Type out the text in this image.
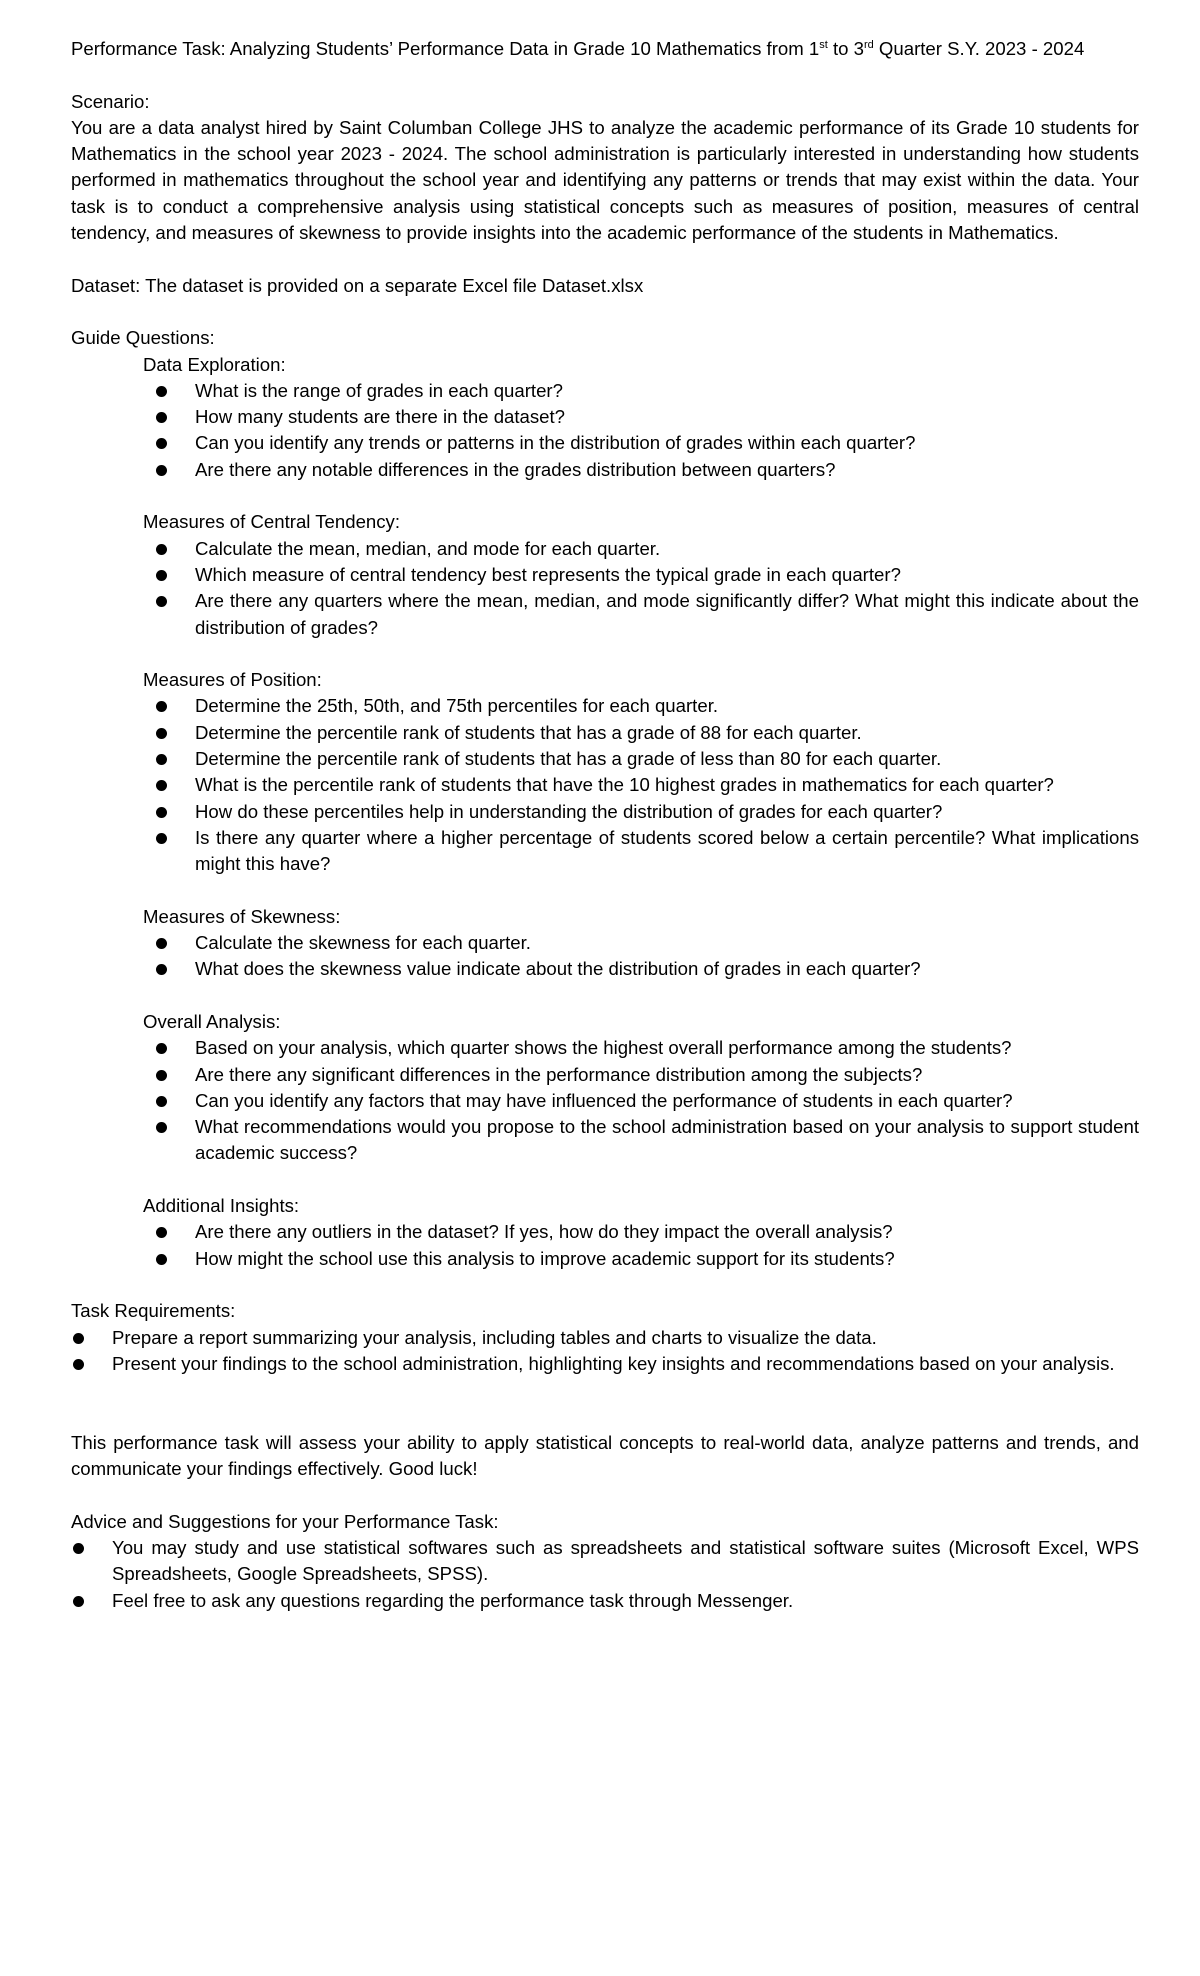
Performance Task: Analyzing Students’ Performance Data in Grade 10 Mathematics from 1st to 3rd Quarter S.Y. 2023 - 2024

Scenario:

You are a data analyst hired by Saint Columban College JHS to analyze the academic performance of its Grade 10 students for Mathematics in the school year 2023 - 2024. The school administration is particularly interested in understanding how students performed in mathematics throughout the school year and identifying any patterns or trends that may exist within the data. Your task is to conduct a comprehensive analysis using statistical concepts such as measures of position, measures of central tendency, and measures of skewness to provide insights into the academic performance of the students in Mathematics.

Dataset: The dataset is provided on a separate Excel file Dataset.xlsx

Guide Questions:

Data Exploration:

What is the range of grades in each quarter?
How many students are there in the dataset?
Can you identify any trends or patterns in the distribution of grades within each quarter?
Are there any notable differences in the grades distribution between quarters?

Measures of Central Tendency:

Calculate the mean, median, and mode for each quarter.
Which measure of central tendency best represents the typical grade in each quarter?
Are there any quarters where the mean, median, and mode significantly differ? What might this indicate about the distribution of grades?

Measures of Position:

Determine the 25th, 50th, and 75th percentiles for each quarter.
Determine the percentile rank of students that has a grade of 88 for each quarter.
Determine the percentile rank of students that has a grade of less than 80 for each quarter.
What is the percentile rank of students that have the 10 highest grades in mathematics for each quarter?
How do these percentiles help in understanding the distribution of grades for each quarter?
Is there any quarter where a higher percentage of students scored below a certain percentile? What implications might this have?

Measures of Skewness:

Calculate the skewness for each quarter.
What does the skewness value indicate about the distribution of grades in each quarter?

Overall Analysis:

Based on your analysis, which quarter shows the highest overall performance among the students?
Are there any significant differences in the performance distribution among the subjects?
Can you identify any factors that may have influenced the performance of students in each quarter?
What recommendations would you propose to the school administration based on your analysis to support student academic success?

Additional Insights:

Are there any outliers in the dataset? If yes, how do they impact the overall analysis?
How might the school use this analysis to improve academic support for its students?

Task Requirements:

Prepare a report summarizing your analysis, including tables and charts to visualize the data.
Present your findings to the school administration, highlighting key insights and recommendations based on your analysis.

This performance task will assess your ability to apply statistical concepts to real-world data, analyze patterns and trends, and communicate your findings effectively. Good luck!

Advice and Suggestions for your Performance Task:

You may study and use statistical softwares such as spreadsheets and statistical software suites (Microsoft Excel, WPS Spreadsheets, Google Spreadsheets, SPSS).
Feel free to ask any questions regarding the performance task through Messenger.
